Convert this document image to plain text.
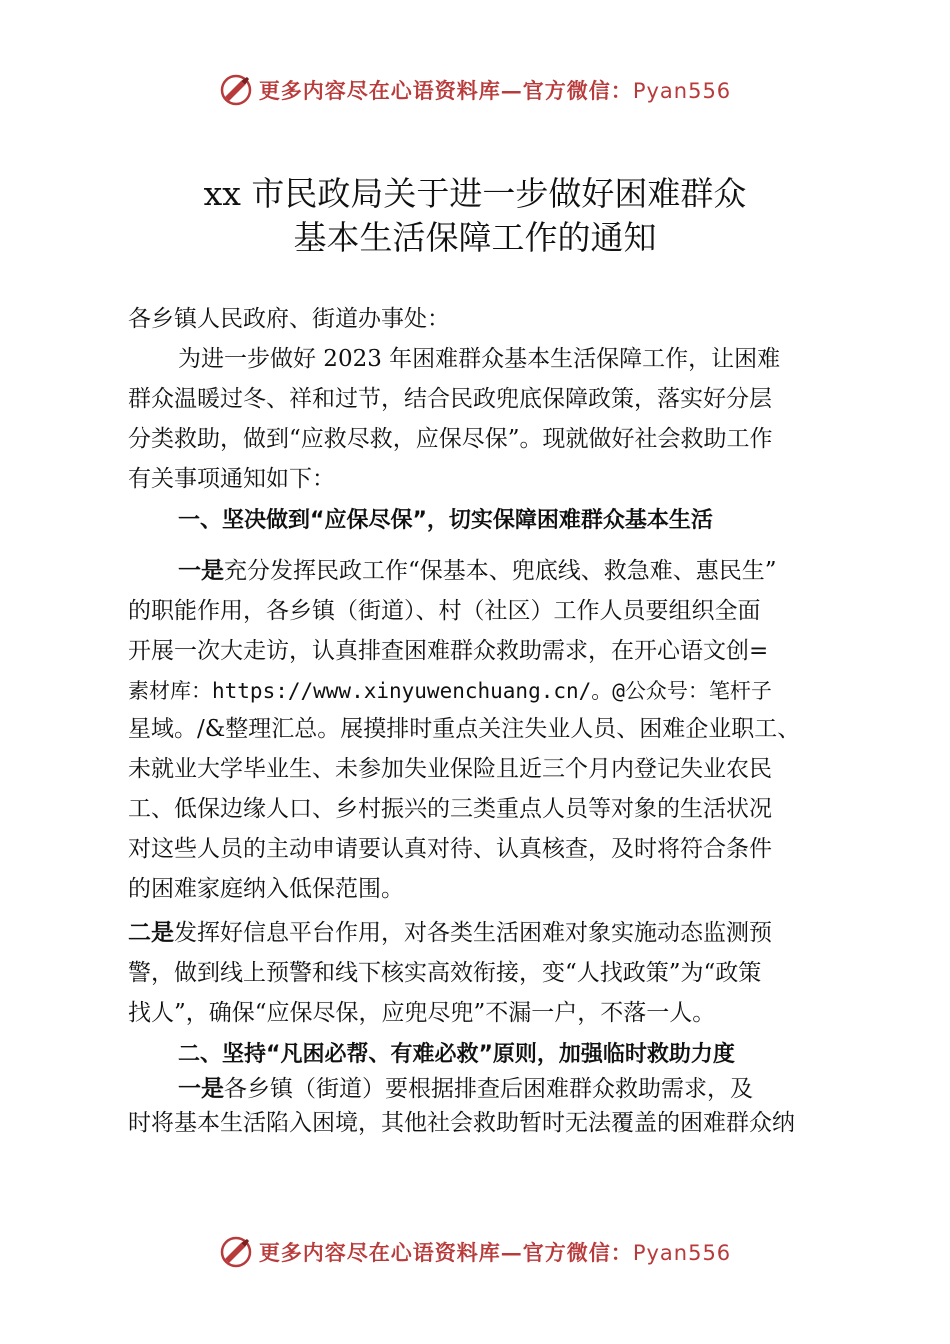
更多内容尽在心语资料库—官方微信：Pyan556
xx 市民政局关于进一步做好困难群众
基本生活保障工作的通知
各乡镇人民政府、街道办事处：
为进一步做好 2023 年困难群众基本生活保障工作，让困难
群众温暖过冬、祥和过节，结合民政兜底保障政策，落实好分层
分类救助，做到“应救尽救，应保尽保”。现就做好社会救助工作
有关事项通知如下：
一、坚决做到“应保尽保”，切实保障困难群众基本生活
一是充分发挥民政工作“保基本、兜底线、救急难、惠民生”
的职能作用，各乡镇（街道）、村（社区）工作人员要组织全面
开展一次大走访，认真排查困难群众救助需求，在开心语文创=
素材库：https://www.xinyuwenchuang.cn/。@公众号：笔杆子
星域。/&整理汇总。展摸排时重点关注失业人员、困难企业职工、
未就业大学毕业生、未参加失业保险且近三个月内登记失业农民
工、低保边缘人口、乡村振兴的三类重点人员等对象的生活状况
对这些人员的主动申请要认真对待、认真核查，及时将符合条件
的困难家庭纳入低保范围。
二是发挥好信息平台作用，对各类生活困难对象实施动态监测预
警，做到线上预警和线下核实高效衔接，变“人找政策”为“政策
找人”，确保“应保尽保，应兜尽兜”不漏一户，不落一人。
二、坚持“凡困必帮、有难必救”原则，加强临时救助力度
一是各乡镇（街道）要根据排查后困难群众救助需求，及
时将基本生活陷入困境，其他社会救助暂时无法覆盖的困难群众纳
更多内容尽在心语资料库—官方微信：Pyan556
